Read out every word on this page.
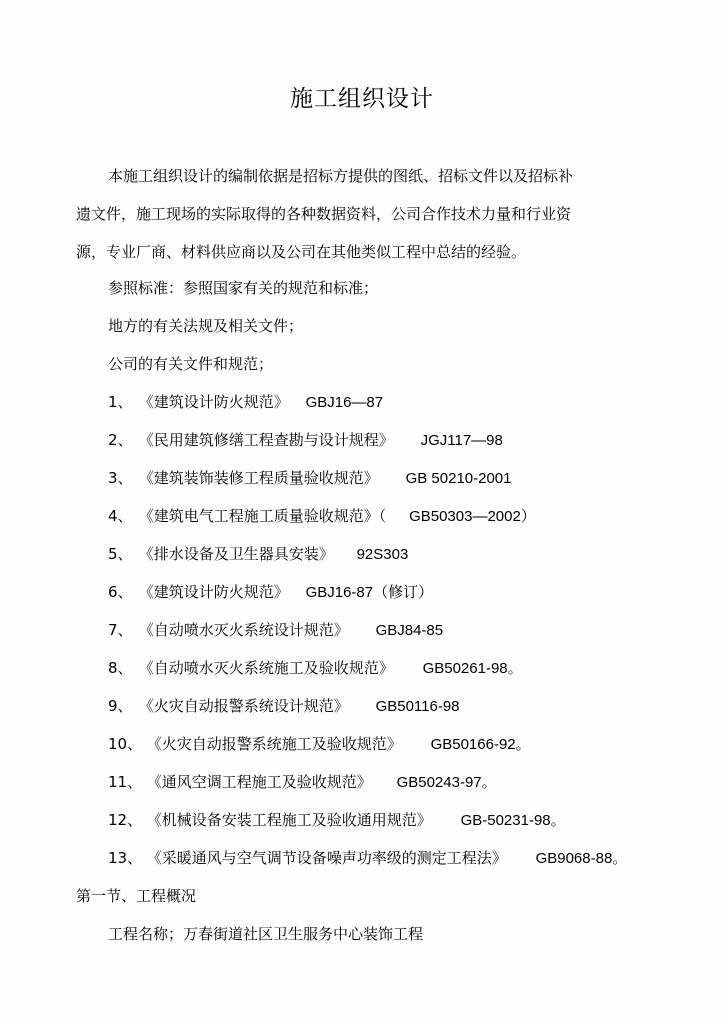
施工组织设计
本施工组织设计的编制依据是招标方提供的图纸、招标文件以及招标补
遗文件，施工现场的实际取得的各种数据资料，公司合作技术力量和行业资
源，专业厂商、材料供应商以及公司在其他类似工程中总结的经验。
参照标准：参照国家有关的规范和标准；
地方的有关法规及相关文件；
公司的有关文件和规范；
1、 《建筑设计防火规范》 GBJ16—87
2、 《民用建筑修缮工程查勘与设计规程》 JGJ117—98
3、 《建筑装饰装修工程质量验收规范》 GB 50210-2001
4、 《建筑电气工程施工质量验收规范》（ GB50303—2002）
5、 《排水设备及卫生器具安装》 92S303
6、 《建筑设计防火规范》 GBJ16-87（修订）
7、 《自动喷水灭火系统设计规范》 GBJ84-85
8、 《自动喷水灭火系统施工及验收规范》 GB50261-98。
9、 《火灾自动报警系统设计规范》 GB50116-98
10、 《火灾自动报警系统施工及验收规范》 GB50166-92。
11、 《通风空调工程施工及验收规范》 GB50243-97。
12、 《机械设备安装工程施工及验收通用规范》 GB-50231-98。
13、 《采暖通风与空气调节设备噪声功率级的测定工程法》 GB9068-88。
第一节、工程概况
工程名称；万春街道社区卫生服务中心装饰工程
